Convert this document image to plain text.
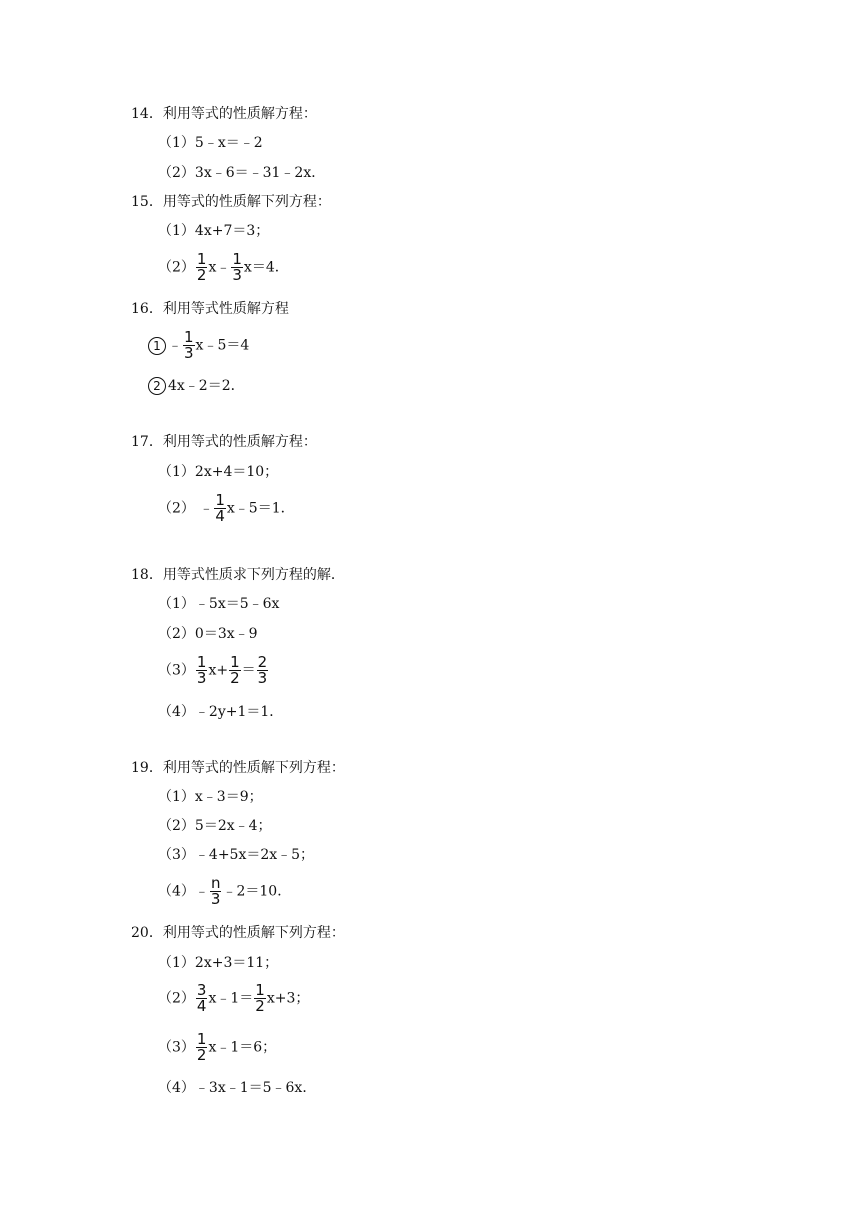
14．利用等式的性质解方程：
（1）5﹣x＝﹣2
（2）3x﹣6＝﹣31﹣2x．
15．用等式的性质解下列方程：
（1）4x+7＝3；
$(2) \frac{1}{2}$ x﹣ $\frac{1}{3} x=4$．
16．利用等式性质解方程
1 ﹣ $\frac{1}{3}$ x﹣5＝4
2 4x﹣2＝2．
17．利用等式的性质解方程：
（1）2x+4＝10；
（2） ﹣ $\frac{1}{4}$ x﹣5＝1．
18．用等式性质求下列方程的解．
（1）﹣5x＝5﹣6x
（2）0＝3x﹣9
$(3) \frac{1}{3} x+ \frac{1}{2} = \frac{2}{3}$
（4）﹣2y+1＝1．
19．利用等式的性质解下列方程：
（1）x﹣3＝9；
（2）5＝2x﹣4；
（3）﹣4+5x＝2x﹣5；
（4）﹣ $\frac{n}{3}$ ﹣2＝10．
20．利用等式的性质解下列方程：
（1）2x+3＝11；
$(2) \frac{3}{4}$ x﹣1＝ $\frac{1}{2} x+3$；
$(3) \frac{1}{2}$ x﹣1＝6；
（4）﹣3x﹣1＝5﹣6x．
